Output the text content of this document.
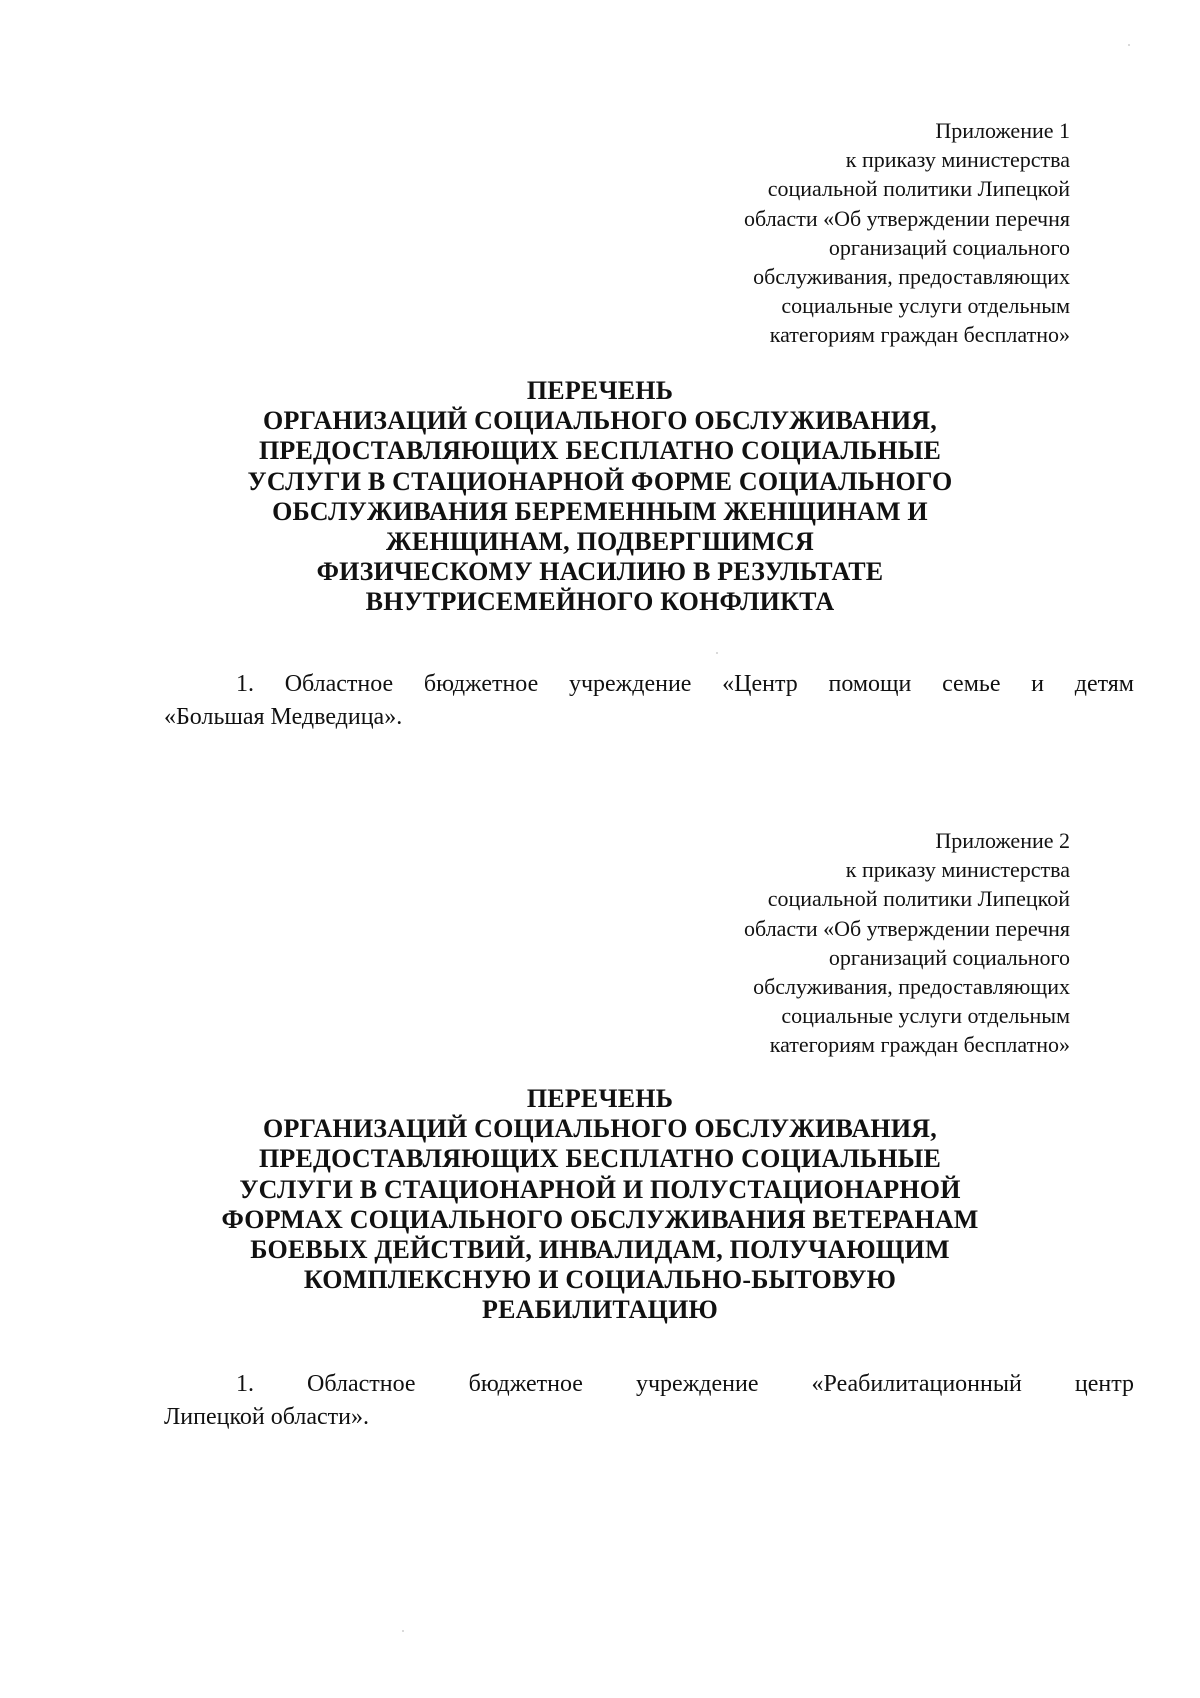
Приложение 1
к приказу министерства
социальной политики Липецкой
области «Об утверждении перечня
организаций социального
обслуживания, предоставляющих
социальные услуги отдельным
категориям граждан бесплатно»
ПЕРЕЧЕНЬ
ОРГАНИЗАЦИЙ СОЦИАЛЬНОГО ОБСЛУЖИВАНИЯ,
ПРЕДОСТАВЛЯЮЩИХ БЕСПЛАТНО СОЦИАЛЬНЫЕ
УСЛУГИ В СТАЦИОНАРНОЙ ФОРМЕ СОЦИАЛЬНОГО
ОБСЛУЖИВАНИЯ БЕРЕМЕННЫМ ЖЕНЩИНАМ И
ЖЕНЩИНАМ, ПОДВЕРГШИМСЯ
ФИЗИЧЕСКОМУ НАСИЛИЮ В РЕЗУЛЬТАТЕ
ВНУТРИСЕМЕЙНОГО КОНФЛИКТА
1. Областное бюджетное учреждение «Центр помощи семье и детям
«Большая Медведица».
Приложение 2
к приказу министерства
социальной политики Липецкой
области «Об утверждении перечня
организаций социального
обслуживания, предоставляющих
социальные услуги отдельным
категориям граждан бесплатно»
ПЕРЕЧЕНЬ
ОРГАНИЗАЦИЙ СОЦИАЛЬНОГО ОБСЛУЖИВАНИЯ,
ПРЕДОСТАВЛЯЮЩИХ БЕСПЛАТНО СОЦИАЛЬНЫЕ
УСЛУГИ В СТАЦИОНАРНОЙ И ПОЛУСТАЦИОНАРНОЙ
ФОРМАХ СОЦИАЛЬНОГО ОБСЛУЖИВАНИЯ ВЕТЕРАНАМ
БОЕВЫХ ДЕЙСТВИЙ, ИНВАЛИДАМ, ПОЛУЧАЮЩИМ
КОМПЛЕКСНУЮ И СОЦИАЛЬНО-БЫТОВУЮ
РЕАБИЛИТАЦИЮ
1. Областное бюджетное учреждение «Реабилитационный центр
Липецкой области».
